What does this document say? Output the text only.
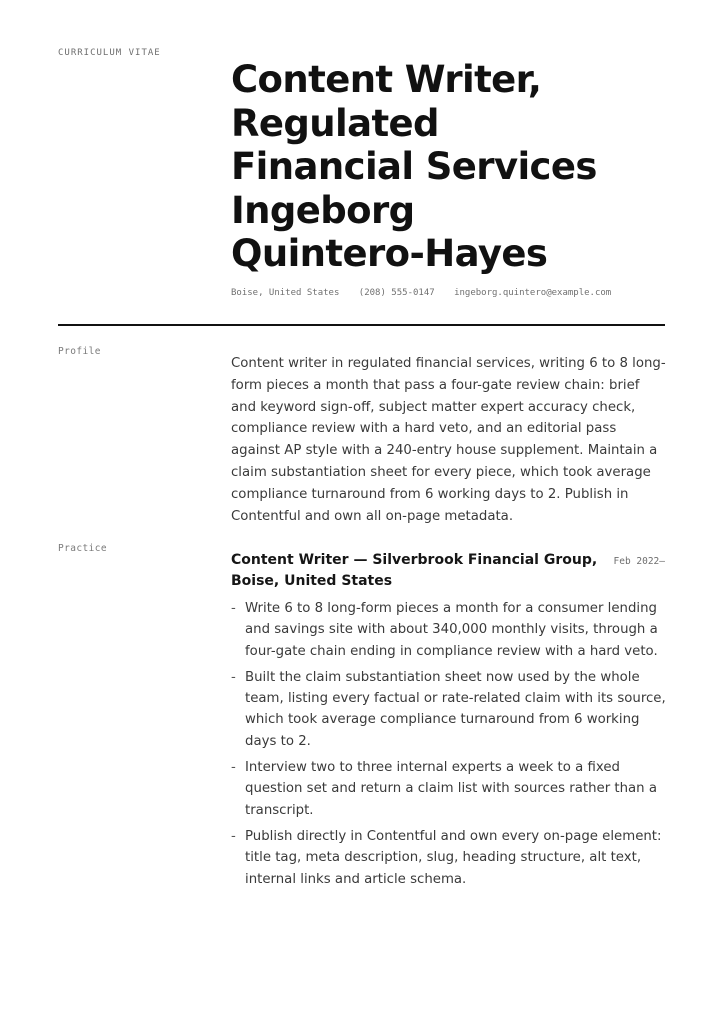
CURRICULUM VITAE
Content Writer,
Regulated
Financial Services
Ingeborg
Quintero-Hayes
Boise, United States (208) 555-0147 ingeborg.quintero@example.com
Profile
Content writer in regulated financial services, writing 6 to 8 long-
form pieces a month that pass a four-gate review chain: brief
and keyword sign-off, subject matter expert accuracy check,
compliance review with a hard veto, and an editorial pass
against AP style with a 240-entry house supplement. Maintain a
claim substantiation sheet for every piece, which took average
compliance turnaround from 6 working days to 2. Publish in
Contentful and own all on-page metadata.
Practice
Content Writer — Silverbrook Financial Group,
Boise, United States
Feb 2022–
- Write 6 to 8 long-form pieces a month for a consumer lending
and savings site with about 340,000 monthly visits, through a
four-gate chain ending in compliance review with a hard veto.
- Built the claim substantiation sheet now used by the whole
team, listing every factual or rate-related claim with its source,
which took average compliance turnaround from 6 working
days to 2.
- Interview two to three internal experts a week to a fixed
question set and return a claim list with sources rather than a
transcript.
- Publish directly in Contentful and own every on-page element:
title tag, meta description, slug, heading structure, alt text,
internal links and article schema.
